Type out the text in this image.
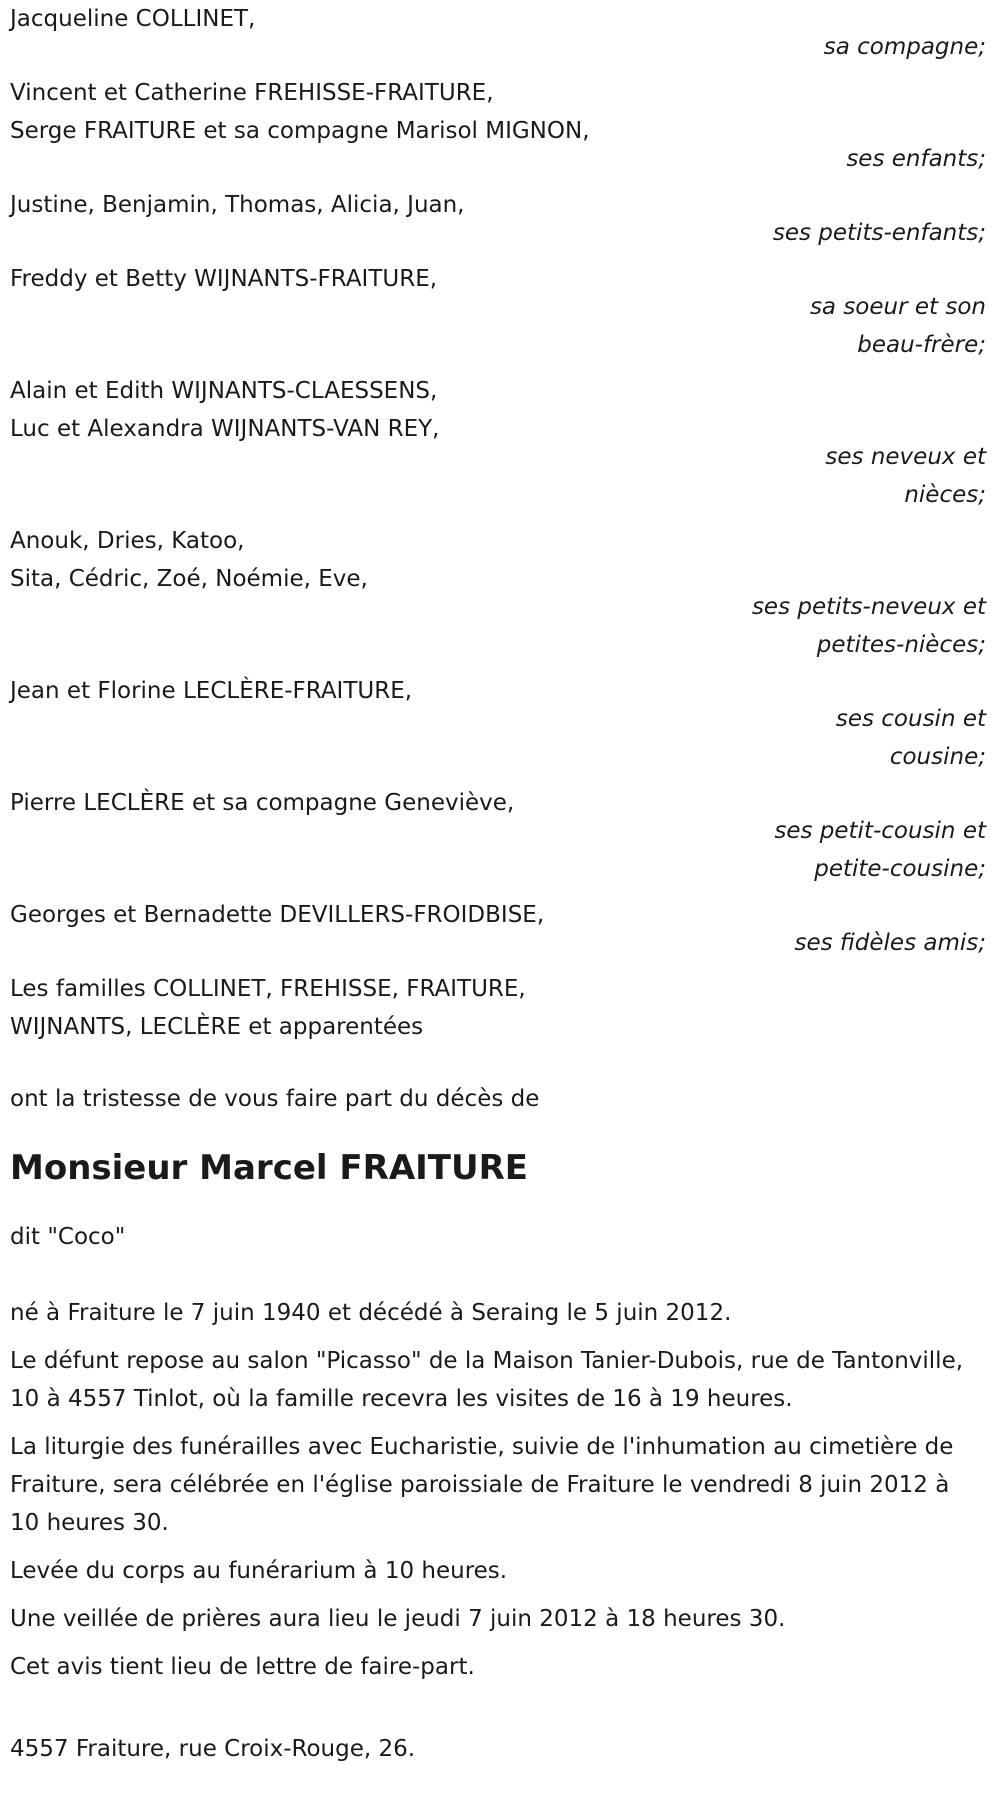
Jacqueline COLLINET,

sa compagne;

Vincent et Catherine FREHISSE-FRAITURE,

Serge FRAITURE et sa compagne Marisol MIGNON,

ses enfants;

Justine, Benjamin, Thomas, Alicia, Juan,

ses petits-enfants;

Freddy et Betty WIJNANTS-FRAITURE,

sa soeur et son
beau-frère;

Alain et Edith WIJNANTS-CLAESSENS,

Luc et Alexandra WIJNANTS-VAN REY,

ses neveux et
nièces;

Anouk, Dries, Katoo,

Sita, Cédric, Zoé, Noémie, Eve,

ses petits-neveux et
petites-nièces;

Jean et Florine LECLÈRE-FRAITURE,

ses cousin et
cousine;

Pierre LECLÈRE et sa compagne Geneviève,

ses petit-cousin et
petite-cousine;

Georges et Bernadette DEVILLERS-FROIDBISE,

ses fidèles amis;

Les familles COLLINET, FREHISSE, FRAITURE,

WIJNANTS, LECLÈRE et apparentées

ont la tristesse de vous faire part du décès de

Monsieur Marcel FRAITURE

dit "Coco"

né à Fraiture le 7 juin 1940 et décédé à Seraing le 5 juin 2012.

Le défunt repose au salon "Picasso" de la Maison Tanier-Dubois, rue de Tantonville, 10 à 4557 Tinlot, où la famille recevra les visites de 16 à 19 heures.

La liturgie des funérailles avec Eucharistie, suivie de l'inhumation au cimetière de Fraiture, sera célébrée en l'église paroissiale de Fraiture le vendredi 8 juin 2012 à 10 heures 30.

Levée du corps au funérarium à 10 heures.

Une veillée de prières aura lieu le jeudi 7 juin 2012 à 18 heures 30.

Cet avis tient lieu de lettre de faire-part.

4557 Fraiture, rue Croix-Rouge, 26.
